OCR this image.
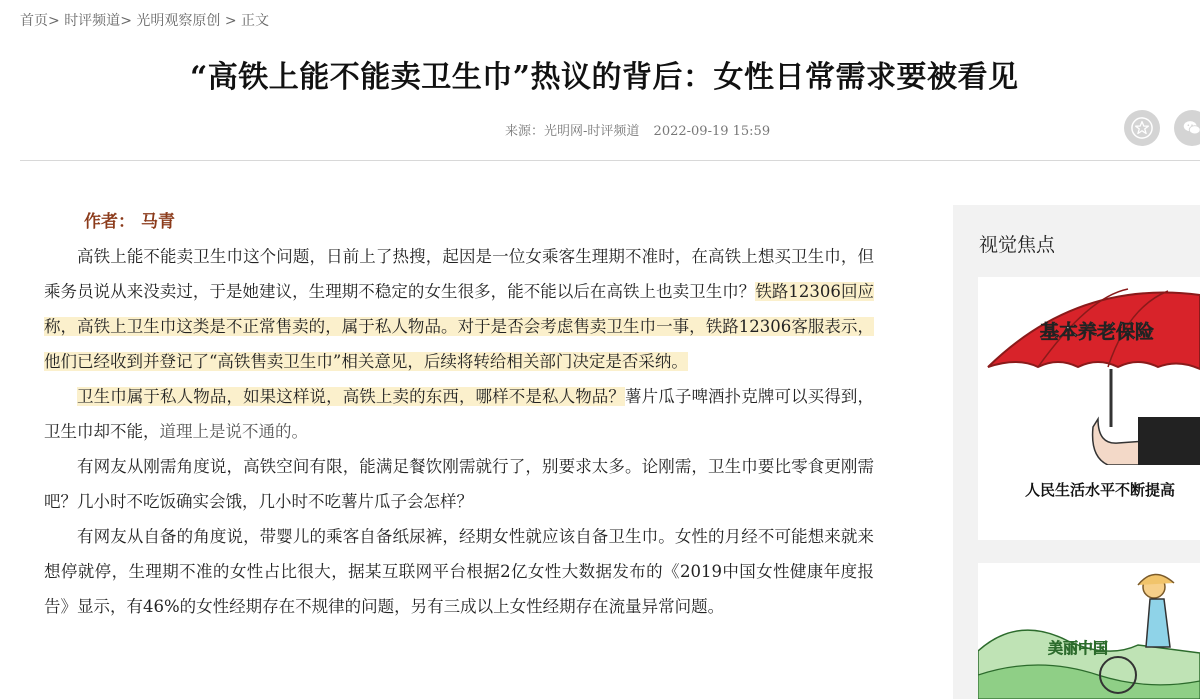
首页> 时评频道> 光明观察原创 > 正文
“高铁上能不能卖卫生巾”热议的背后：女性日常需求要被看见
来源：光明网-时评频道 2022-09-19 15:59
作者： 马青

高铁上能不能卖卫生巾这个问题，日前上了热搜，起因是一位女乘客生理期不准时，在高铁上想买卫生巾，但乘务员说从来没卖过，于是她建议，生理期不稳定的女生很多，能不能以后在高铁上也卖卫生巾？铁路12306回应称，高铁上卫生巾这类是不正常售卖的，属于私人物品。对于是否会考虑售卖卫生巾一事，铁路12306客服表示，他们已经收到并登记了“高铁售卖卫生巾”相关意见，后续将转给相关部门决定是否采纳。

卫生巾属于私人物品，如果这样说，高铁上卖的东西，哪样不是私人物品？薯片瓜子啤酒扑克牌可以买得到，卫生巾却不能，道理上是说不通的。

有网友从刚需角度说，高铁空间有限，能满足餐饮刚需就行了，别要求太多。论刚需，卫生巾要比零食更刚需吧？几小时不吃饭确实会饿，几小时不吃薯片瓜子会怎样？

有网友从自备的角度说，带婴儿的乘客自备纸尿裤，经期女性就应该自备卫生巾。女性的月经不可能想来就来想停就停，生理期不准的女性占比很大，据某互联网平台根据2亿女性大数据发布的《2019中国女性健康年度报告》显示，有46%的女性经期存在不规律的问题，另有三成以上女性经期存在流量异常问题。

视觉焦点
基本养老保险
人民生活水平不断提高
美丽中国
